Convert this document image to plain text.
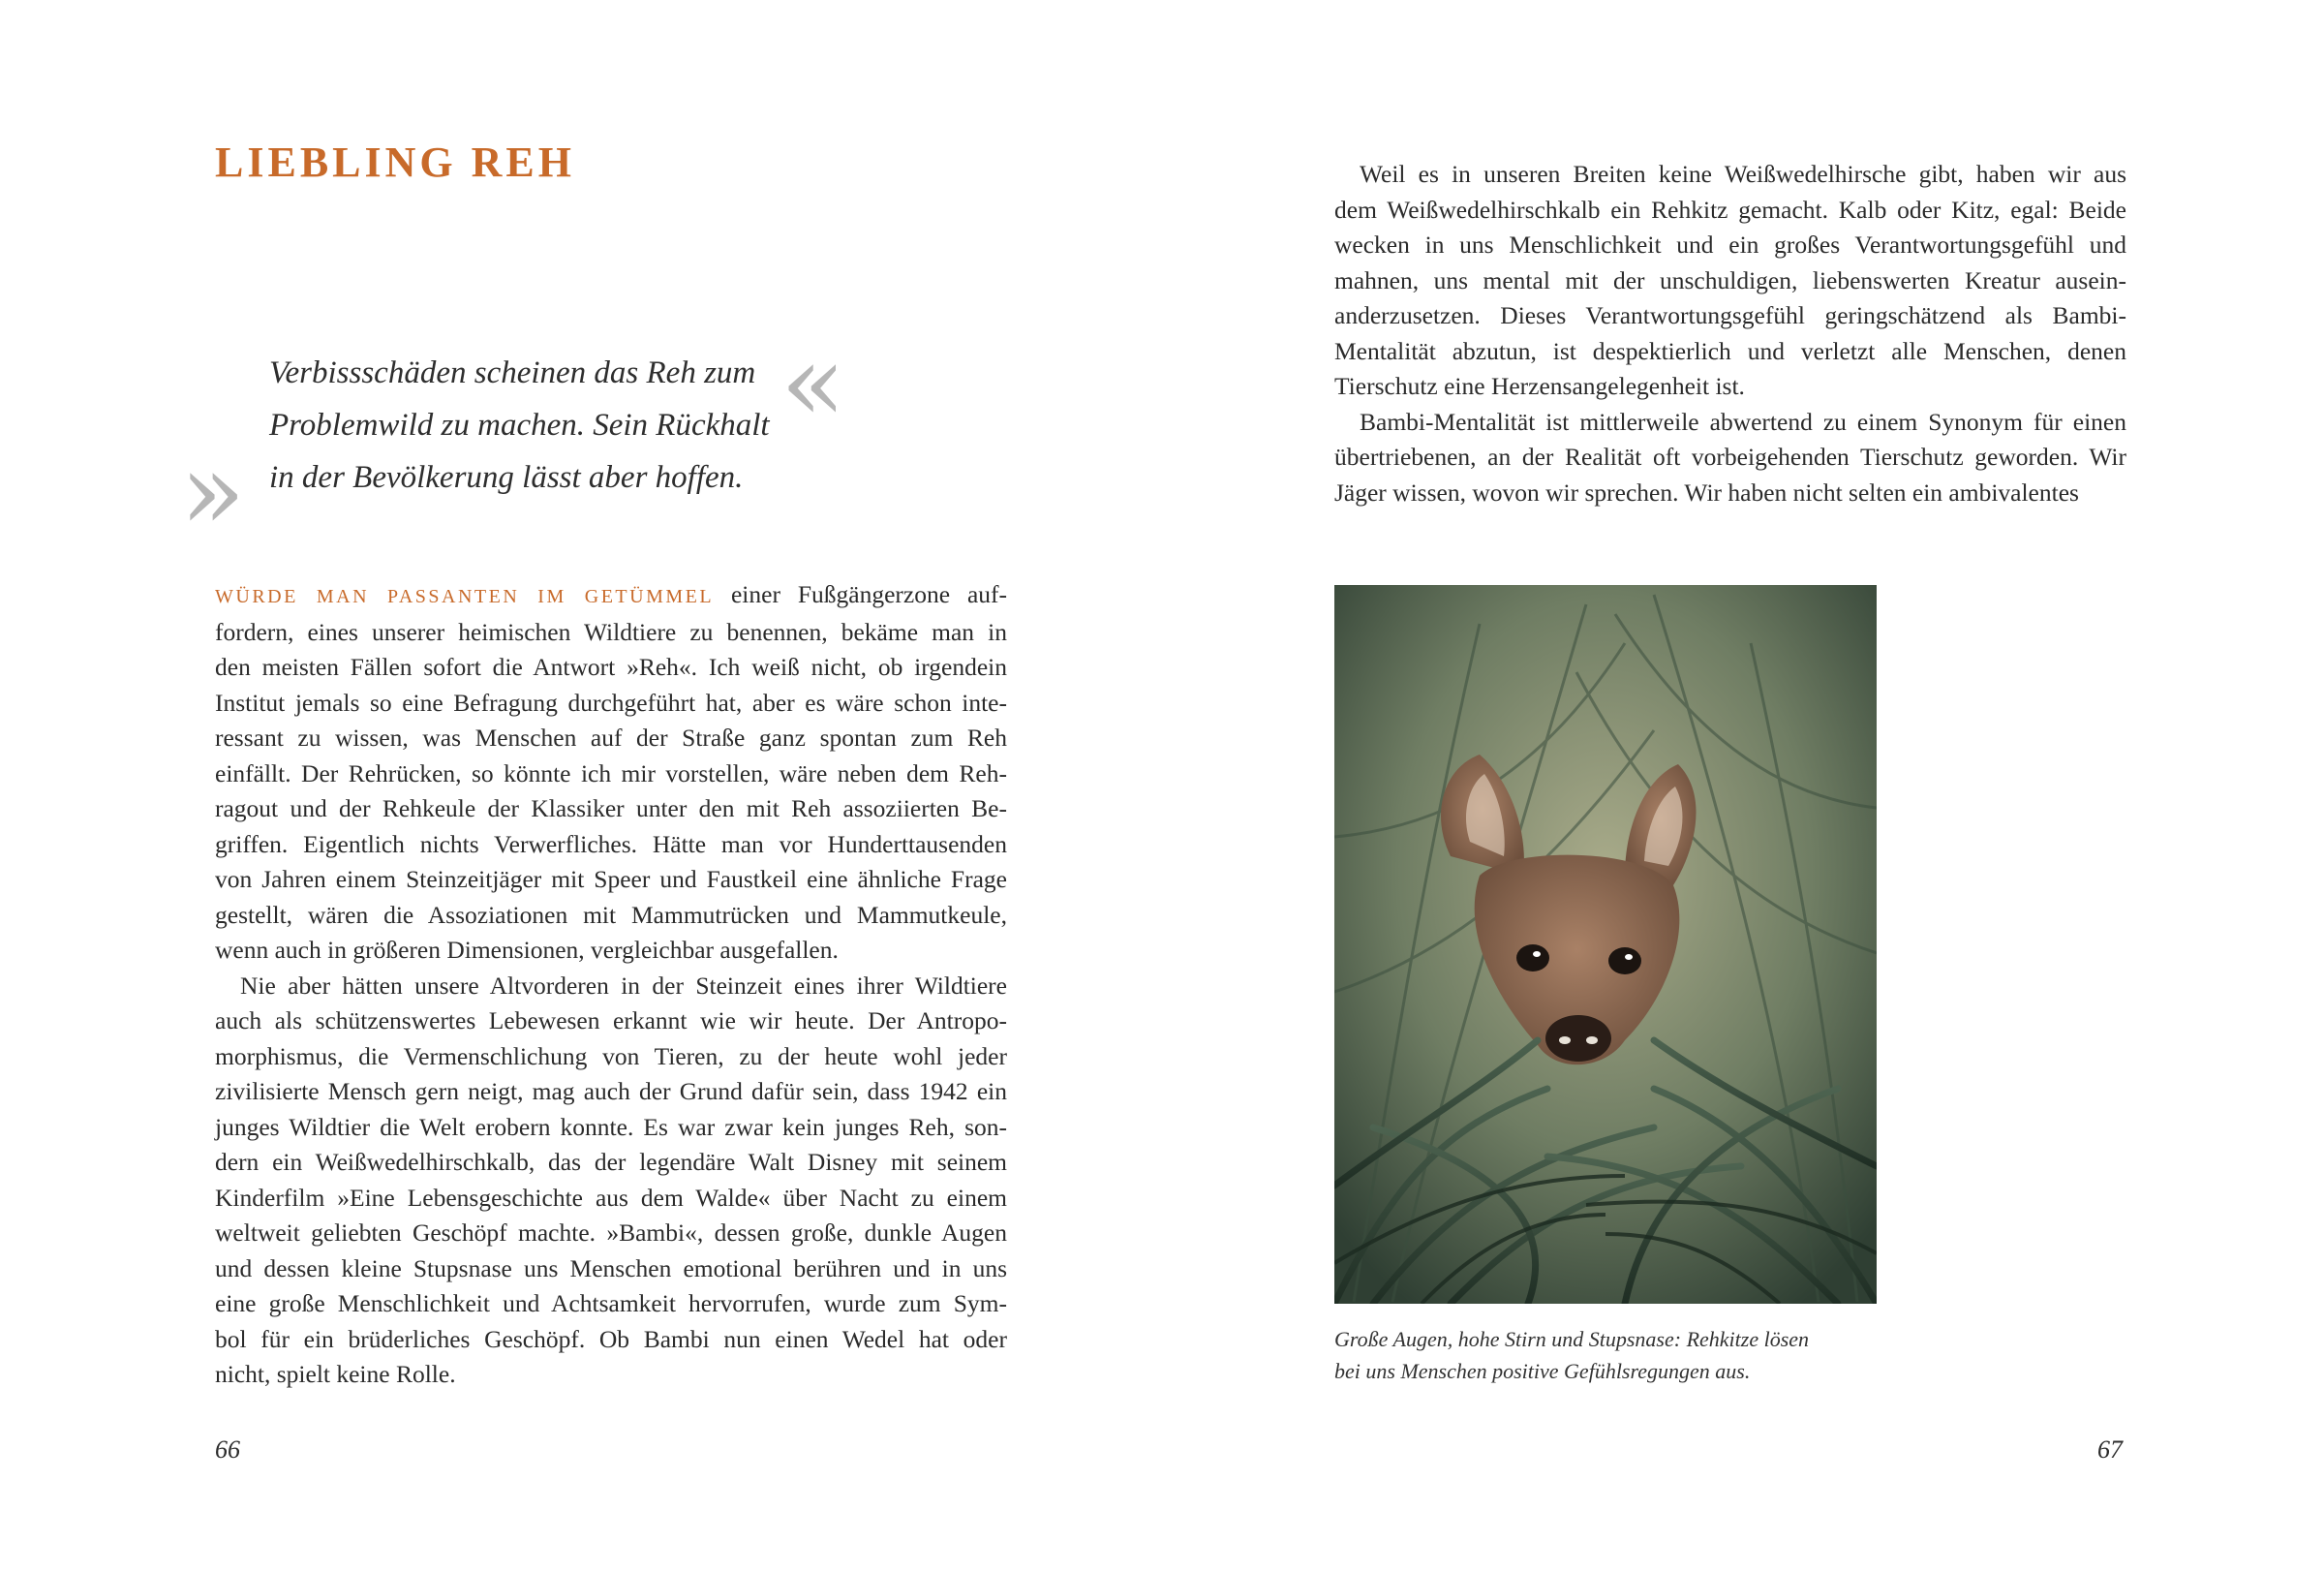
LIEBLING REH
«
»
Verbissschäden scheinen das Reh zum
Problemwild zu machen. Sein Rückhalt
in der Bevölkerung lässt aber hoffen.
WÜRDE MAN PASSANTEN IM GETÜMMEL einer Fußgängerzone auf-
fordern, eines unserer heimischen Wildtiere zu benennen, bekäme man in
den meisten Fällen sofort die Antwort »Reh«. Ich weiß nicht, ob irgendein
Institut jemals so eine Befragung durchgeführt hat, aber es wäre schon inte-
ressant zu wissen, was Menschen auf der Straße ganz spontan zum Reh
einfällt. Der Rehrücken, so könnte ich mir vorstellen, wäre neben dem Reh-
ragout und der Rehkeule der Klassiker unter den mit Reh assoziierten Be-
griffen. Eigentlich nichts Verwerfliches. Hätte man vor Hunderttausenden
von Jahren einem Steinzeitjäger mit Speer und Faustkeil eine ähnliche Frage
gestellt, wären die Assoziationen mit Mammutrücken und Mammutkeule,
wenn auch in größeren Dimensionen, vergleichbar ausgefallen.
Nie aber hätten unsere Altvorderen in der Steinzeit eines ihrer Wildtiere
auch als schützenswertes Lebewesen erkannt wie wir heute. Der Antropo-
morphismus, die Vermenschlichung von Tieren, zu der heute wohl jeder
zivilisierte Mensch gern neigt, mag auch der Grund dafür sein, dass 1942 ein
junges Wildtier die Welt erobern konnte. Es war zwar kein junges Reh, son-
dern ein Weißwedelhirschkalb, das der legendäre Walt Disney mit seinem
Kinderfilm »Eine Lebensgeschichte aus dem Walde« über Nacht zu einem
weltweit geliebten Geschöpf machte. »Bambi«, dessen große, dunkle Augen
und dessen kleine Stupsnase uns Menschen emotional berühren und in uns
eine große Menschlichkeit und Achtsamkeit hervorrufen, wurde zum Sym-
bol für ein brüderliches Geschöpf. Ob Bambi nun einen Wedel hat oder
nicht, spielt keine Rolle.
Weil es in unseren Breiten keine Weißwedelhirsche gibt, haben wir aus
dem Weißwedelhirschkalb ein Rehkitz gemacht. Kalb oder Kitz, egal: Beide
wecken in uns Menschlichkeit und ein großes Verantwortungsgefühl und
mahnen, uns mental mit der unschuldigen, liebenswerten Kreatur ausein-
anderzusetzen. Dieses Verantwortungsgefühl geringschätzend als Bambi-
Mentalität abzutun, ist despektierlich und verletzt alle Menschen, denen
Tierschutz eine Herzensangelegenheit ist.
Bambi-Mentalität ist mittlerweile abwertend zu einem Synonym für einen
übertriebenen, an der Realität oft vorbeigehenden Tierschutz geworden. Wir
Jäger wissen, wovon wir sprechen. Wir haben nicht selten ein ambivalentes
Große Augen, hohe Stirn und Stupsnase: Rehkitze lösen
bei uns Menschen positive Gefühlsregungen aus.
66	67
